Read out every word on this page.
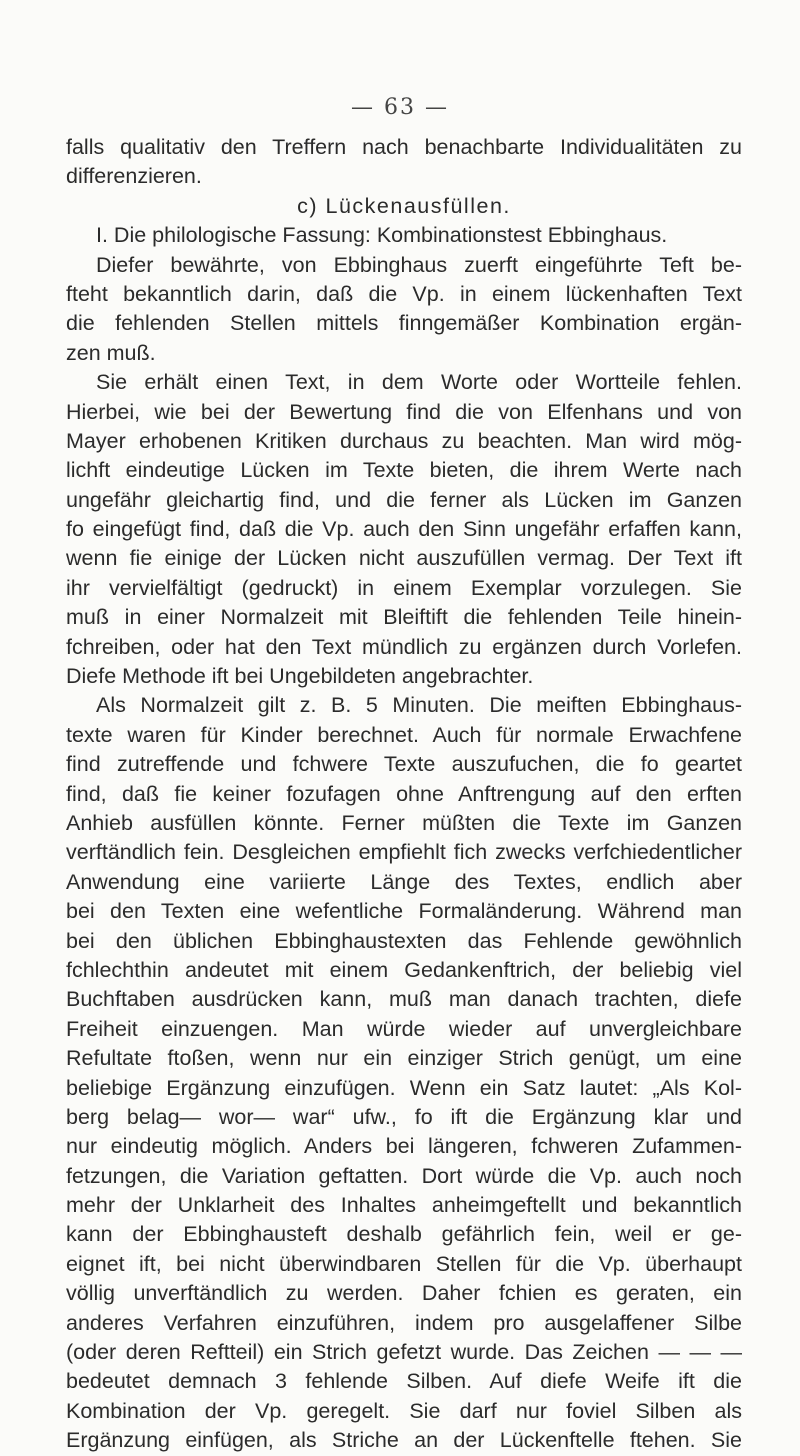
— 63 —
falls qualitativ den Treffern nach benachbarte Individualitäten zu
differenzieren.
c) Lückenausfüllen.
I. Die philologische Fassung: Kombinationstest Ebbinghaus.
Diefer bewährte, von Ebbinghaus zuerft eingeführte Teft be-
fteht bekanntlich darin, daß die Vp. in einem lückenhaften Text
die fehlenden Stellen mittels finngemäßer Kombination ergän-
zen muß.
Sie erhält einen Text, in dem Worte oder Wortteile fehlen.
Hierbei, wie bei der Bewertung find die von Elfenhans und von
Mayer erhobenen Kritiken durchaus zu beachten. Man wird mög-
lichft eindeutige Lücken im Texte bieten, die ihrem Werte nach
ungefähr gleichartig find, und die ferner als Lücken im Ganzen
fo eingefügt find, daß die Vp. auch den Sinn ungefähr erfaffen kann,
wenn fie einige der Lücken nicht auszufüllen vermag. Der Text ift
ihr vervielfältigt (gedruckt) in einem Exemplar vorzulegen. Sie
muß in einer Normalzeit mit Bleiftift die fehlenden Teile hinein-
fchreiben, oder hat den Text mündlich zu ergänzen durch Vorlefen.
Diefe Methode ift bei Ungebildeten angebrachter.
Als Normalzeit gilt z. B. 5 Minuten. Die meiften Ebbinghaus-
texte waren für Kinder berechnet. Auch für normale Erwachfene
find zutreffende und fchwere Texte auszufuchen, die fo geartet
find, daß fie keiner fozufagen ohne Anftrengung auf den erften
Anhieb ausfüllen könnte. Ferner müßten die Texte im Ganzen
verftändlich fein. Desgleichen empfiehlt fich zwecks verfchiedentlicher
Anwendung eine variierte Länge des Textes, endlich aber
bei den Texten eine wefentliche Formaländerung. Während man
bei den üblichen Ebbinghaustexten das Fehlende gewöhnlich
fchlechthin andeutet mit einem Gedankenftrich, der beliebig viel
Buchftaben ausdrücken kann, muß man danach trachten, diefe
Freiheit einzuengen. Man würde wieder auf unvergleichbare
Refultate ftoßen, wenn nur ein einziger Strich genügt, um eine
beliebige Ergänzung einzufügen. Wenn ein Satz lautet: „Als Kol-
berg belag— wor— war“ ufw., fo ift die Ergänzung klar und
nur eindeutig möglich. Anders bei längeren, fchweren Zufammen-
fetzungen, die Variation geftatten. Dort würde die Vp. auch noch
mehr der Unklarheit des Inhaltes anheimgeftellt und bekanntlich
kann der Ebbinghausteft deshalb gefährlich fein, weil er ge-
eignet ift, bei nicht überwindbaren Stellen für die Vp. überhaupt
völlig unverftändlich zu werden. Daher fchien es geraten, ein
anderes Verfahren einzuführen, indem pro ausgelaffener Silbe
(oder deren Reftteil) ein Strich gefetzt wurde. Das Zeichen — — —
bedeutet demnach 3 fehlende Silben. Auf diefe Weife ift die
Kombination der Vp. geregelt. Sie darf nur foviel Silben als
Ergänzung einfügen, als Striche an der Lückenftelle ftehen. Sie
